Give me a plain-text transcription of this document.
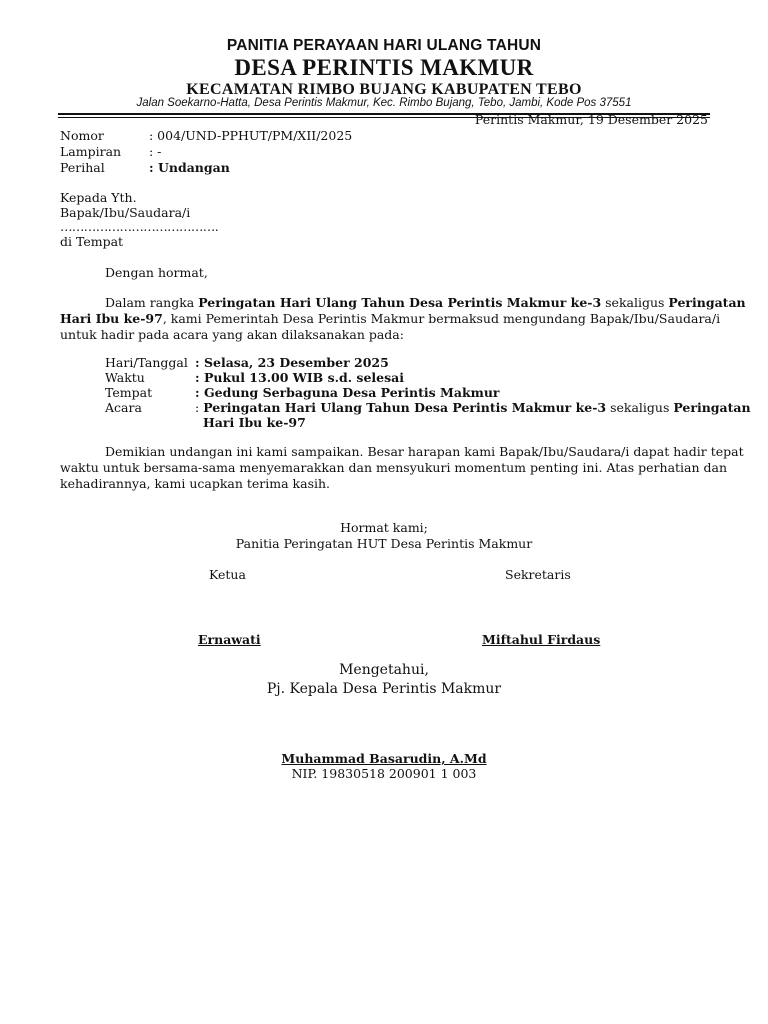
PANITIA PERAYAAN HARI ULANG TAHUN
DESA PERINTIS MAKMUR
KECAMATAN RIMBO BUJANG KABUPATEN TEBO
Jalan Soekarno-Hatta, Desa Perintis Makmur, Kec. Rimbo Bujang, Tebo, Jambi, Kode Pos 37551
Perintis Makmur, 19 Desember 2025
Nomor	: 004/UND-PPHUT/PM/XII/2025
Lampiran : -
Perihal	: Undangan
Kepada Yth.
Bapak/Ibu/Saudara/i
………………………………….
di Tempat
Dengan hormat,
Dalam rangka Peringatan Hari Ulang Tahun Desa Perintis Makmur ke-3 sekaligus Peringatan
Hari Ibu ke-97, kami Pemerintah Desa Perintis Makmur bermaksud mengundang Bapak/Ibu/Saudara/i
untuk hadir pada acara yang akan dilaksanakan pada:
Hari/Tanggal : Selasa, 23 Desember 2025
Waktu	: Pukul 13.00 WIB s.d. selesai
Tempat	: Gedung Serbaguna Desa Perintis Makmur
Acara	: Peringatan Hari Ulang Tahun Desa Perintis Makmur ke-3 sekaligus Peringatan
Hari Ibu ke-97
Demikian undangan ini kami sampaikan. Besar harapan kami Bapak/Ibu/Saudara/i dapat hadir tepat
waktu untuk bersama-sama menyemarakkan dan mensyukuri momentum penting ini. Atas perhatian dan
kehadirannya, kami ucapkan terima kasih.
Hormat kami;
Panitia Peringatan HUT Desa Perintis Makmur
Ketua	Sekretaris
Ernawati	Miftahul Firdaus
Mengetahui,
Pj. Kepala Desa Perintis Makmur
Muhammad Basarudin, A.Md
NIP. 19830518 200901 1 003
